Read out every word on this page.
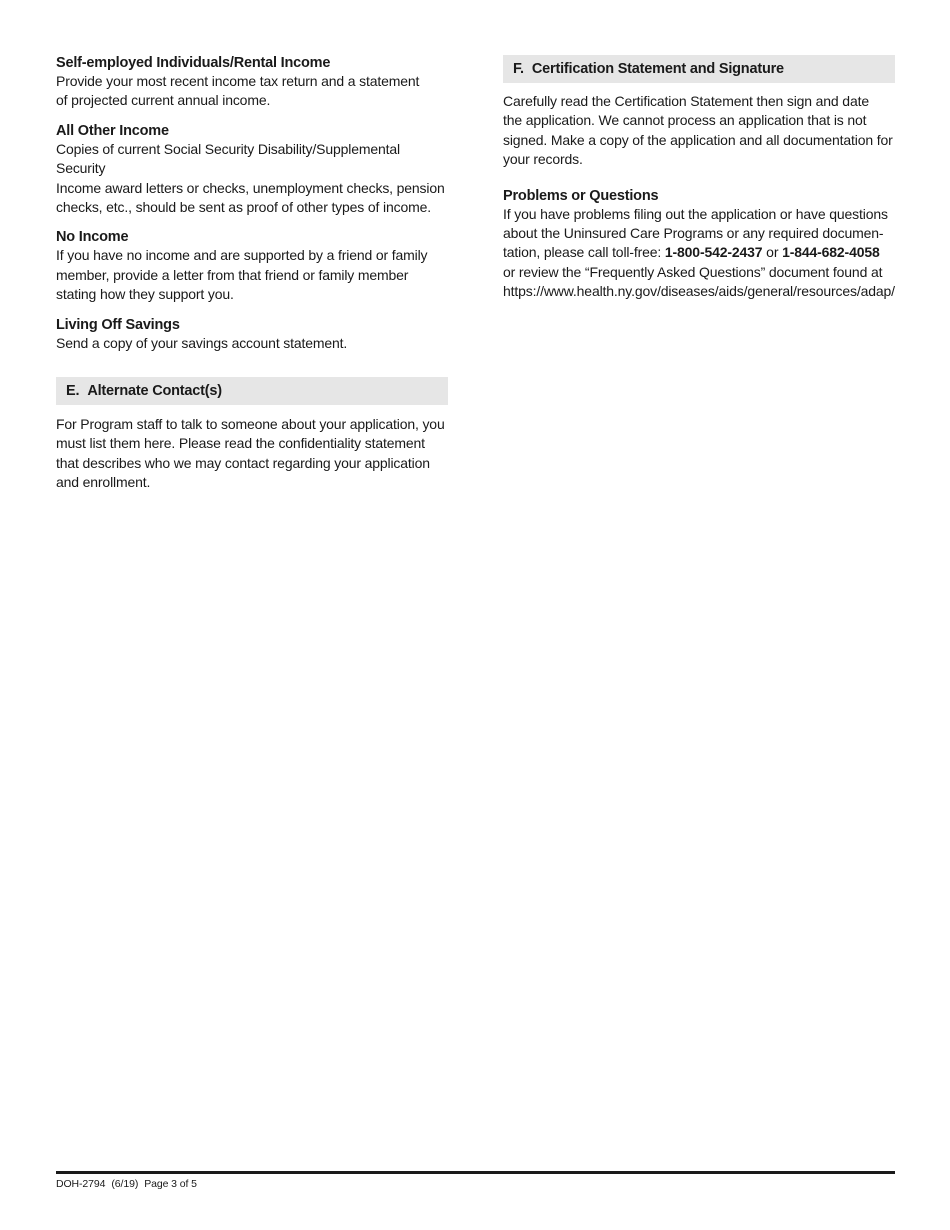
Self-employed Individuals/Rental Income

Provide your most recent income tax return and a statement
of projected current annual income.

All Other Income

Copies of current Social Security Disability/Supplemental Security
Income award letters or checks, unemployment checks, pension
checks, etc., should be sent as proof of other types of income.

No Income

If you have no income and are supported by a friend or family
member, provide a letter from that friend or family member
stating how they support you.

Living Off Savings

Send a copy of your savings account statement.

E. Alternate Contact(s)

For Program staff to talk to someone about your application, you
must list them here. Please read the confidentiality statement
that describes who we may contact regarding your application
and enrollment.

F. Certification Statement and Signature

Carefully read the Certification Statement then sign and date
the application. We cannot process an application that is not
signed. Make a copy of the application and all documentation for
your records.

Problems or Questions

If you have problems filing out the application or have questions
about the Uninsured Care Programs or any required documen-
tation, please call toll-free: 1-800-542-2437 or 1-844-682-4058
or review the “Frequently Asked Questions” document found at
https://www.health.ny.gov/diseases/aids/general/resources/adap/

DOH-2794 (6/19) Page 3 of 5
